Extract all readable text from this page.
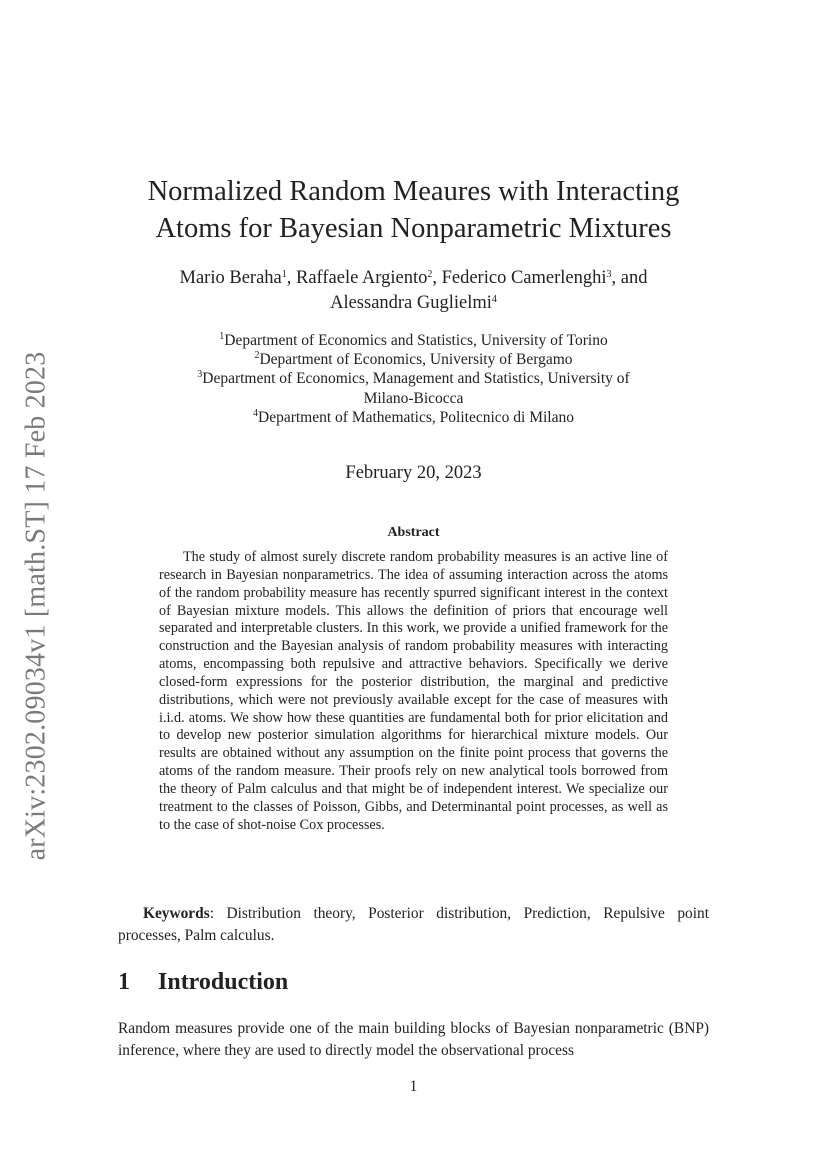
arXiv:2302.09034v1 [math.ST] 17 Feb 2023
Normalized Random Meaures with Interacting
Atoms for Bayesian Nonparametric Mixtures
Mario Beraha$^1$, Raffaele Argiento$^2$, Federico Camerlenghi$^3$, and
Alessandra Guglielmi$^4$
$^1$Department of Economics and Statistics, University of Torino
$^2$Department of Economics, University of Bergamo
$^3$Department of Economics, Management and Statistics, University of
Milano-Bicocca
$^4$Department of Mathematics, Politecnico di Milano
February 20, 2023
Abstract

The study of almost surely discrete random probability measures is an active line of research in Bayesian nonparametrics. The idea of assuming interaction across the atoms of the random probability measure has recently spurred significant interest in the context of Bayesian mixture models. This allows the definition of priors that encourage well separated and interpretable clusters. In this work, we provide a unified framework for the construction and the Bayesian analysis of random probability measures with interacting atoms, encompassing both repulsive and attractive behaviors. Specifically we derive closed-form expressions for the posterior distribution, the marginal and predictive distributions, which were not previously available except for the case of measures with i.i.d. atoms. We show how these quantities are fundamental both for prior elicitation and to develop new posterior simulation algorithms for hierarchical mixture models. Our results are obtained without any assumption on the finite point process that governs the atoms of the random measure. Their proofs rely on new analytical tools borrowed from the theory of Palm calculus and that might be of independent interest. We specialize our treatment to the classes of Poisson, Gibbs, and Determinantal point processes, as well as to the case of shot-noise Cox processes.

Keywords: Distribution theory, Posterior distribution, Prediction, Repulsive point processes, Palm calculus.

1 Introduction

Random measures provide one of the main building blocks of Bayesian nonparametric (BNP) inference, where they are used to directly model the observational process

1
